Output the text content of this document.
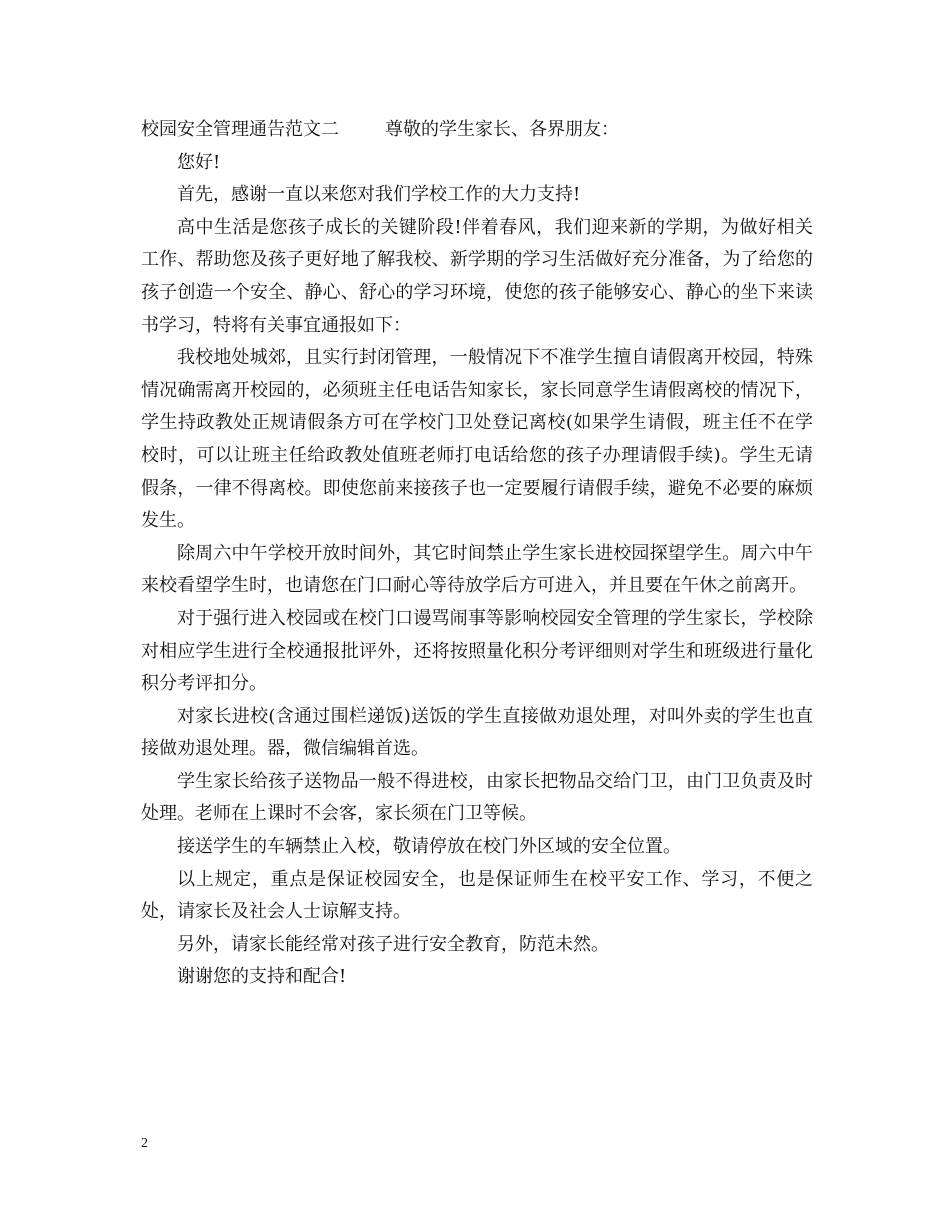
校园安全管理通告范文二	尊敬的学生家长、各界朋友：

您好!

首先，感谢一直以来您对我们学校工作的大力支持!

高中生活是您孩子成长的关键阶段!伴着春风，我们迎来新的学期，为做好相关工作、帮助您及孩子更好地了解我校、新学期的学习生活做好充分准备，为了给您的孩子创造一个安全、静心、舒心的学习环境，使您的孩子能够安心、静心的坐下来读书学习，特将有关事宜通报如下：

我校地处城郊，且实行封闭管理，一般情况下不准学生擅自请假离开校园，特殊情况确需离开校园的，必须班主任电话告知家长，家长同意学生请假离校的情况下，学生持政教处正规请假条方可在学校门卫处登记离校(如果学生请假，班主任不在学校时，可以让班主任给政教处值班老师打电话给您的孩子办理请假手续)。学生无请假条，一律不得离校。即使您前来接孩子也一定要履行请假手续，避免不必要的麻烦发生。

除周六中午学校开放时间外，其它时间禁止学生家长进校园探望学生。周六中午来校看望学生时，也请您在门口耐心等待放学后方可进入，并且要在午休之前离开。

对于强行进入校园或在校门口谩骂闹事等影响校园安全管理的学生家长，学校除对相应学生进行全校通报批评外，还将按照量化积分考评细则对学生和班级进行量化积分考评扣分。

对家长进校(含通过围栏递饭)送饭的学生直接做劝退处理，对叫外卖的学生也直接做劝退处理。器，微信编辑首选。

学生家长给孩子送物品一般不得进校，由家长把物品交给门卫，由门卫负责及时处理。老师在上课时不会客，家长须在门卫等候。

接送学生的车辆禁止入校，敬请停放在校门外区域的安全位置。

以上规定，重点是保证校园安全，也是保证师生在校平安工作、学习，不便之处，请家长及社会人士谅解支持。

另外，请家长能经常对孩子进行安全教育，防范未然。

谢谢您的支持和配合!

2
